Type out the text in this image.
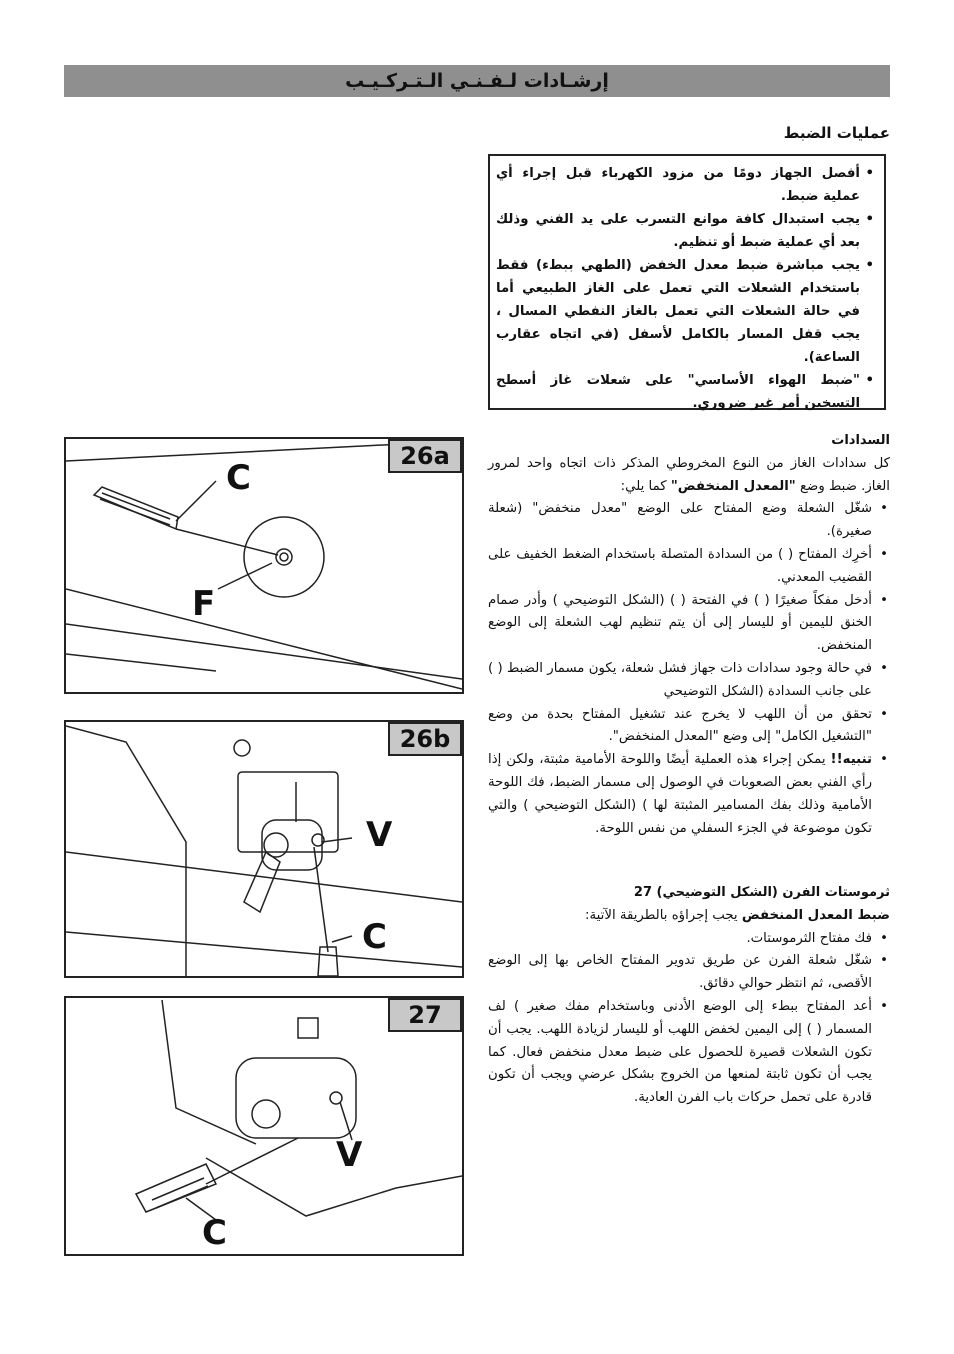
إرشـادات لـفـنـي الـتـركـيـب
عمليات الضبط
• أفصل الجهاز دومًا من مزود الكهرباء قبل إجراء أي عملية ضبط.
• يجب استبدال كافة موانع التسرب على يد الفني وذلك بعد أي عملية ضبط أو تنظيم.
• يجب مباشرة ضبط معدل الخفض (الطهي ببطء) فقط باستخدام الشعلات التي تعمل على الغاز الطبيعي أما في حالة الشعلات التي تعمل بالغاز النفطي المسال ، يجب قفل المسار بالكامل لأسفل (في اتجاه عقارب الساعة).
• "ضبط الهواء الأساسي" على شعلات غاز أسطح التسخين أمر غير ضروري.
السدادات
كل سدادات الغاز من النوع المخروطي المذكر ذات اتجاه واحد لمرور الغاز. ضبط وضع "المعدل المنخفض" كما يلي:
• شغّل الشعلة وضع المفتاح على الوضع "معدل منخفض" (شعلة صغيرة).
• أخرِك المفتاح ( ) من السدادة المتصلة باستخدام الضغط الخفيف على القضيب المعدني.
• أدخل مفكاً صغيرًا ( ) في الفتحة ( ) (الشكل التوضيحي ) وأدر صمام الخنق لليمين أو لليسار إلى أن يتم تنظيم لهب الشعلة إلى الوضع المنخفض.
• في حالة وجود سدادات ذات جهاز فشل شعلة، يكون مسمار الضبط ( ) على جانب السدادة (الشكل التوضيحي
• تحقق من أن اللهب لا يخرج عند تشغيل المفتاح بحدة من وضع "التشغيل الكامل" إلى وضع "المعدل المنخفض".
• تنبيه!! يمكن إجراء هذه العملية أيضًا واللوحة الأمامية مثبتة، ولكن إذا رأي الفني بعض الصعوبات في الوصول إلى مسمار الضبط، فك اللوحة الأمامية وذلك بفك المسامير المثبتة لها ) (الشكل التوضيحي ) والتي تكون موضوعة في الجزء السفلي من نفس اللوحة.
ثرموستات الفرن (الشكل التوضيحي) 27
ضبط المعدل المنخفض يجب إجراؤه بالطريقة الآتية:
• فك مفتاح الثرموستات.
• شغّل شعلة الفرن عن طريق تدوير المفتاح الخاص بها إلى الوضع الأقصى، ثم انتظر حوالي دقائق.
• أعد المفتاح ببطء إلى الوضع الأدنى وباستخدام مفك صغير ) لف المسمار ( ) إلى اليمين لخفض اللهب أو لليسار لزيادة اللهب. يجب أن تكون الشعلات قصيرة للحصول على ضبط معدل منخفض فعال. كما يجب أن تكون ثابتة لمنعها من الخروج بشكل عرضي ويجب أن تكون قادرة على تحمل حركات باب الفرن العادية.
26a
C
F
26b
V
C
27
V
C
